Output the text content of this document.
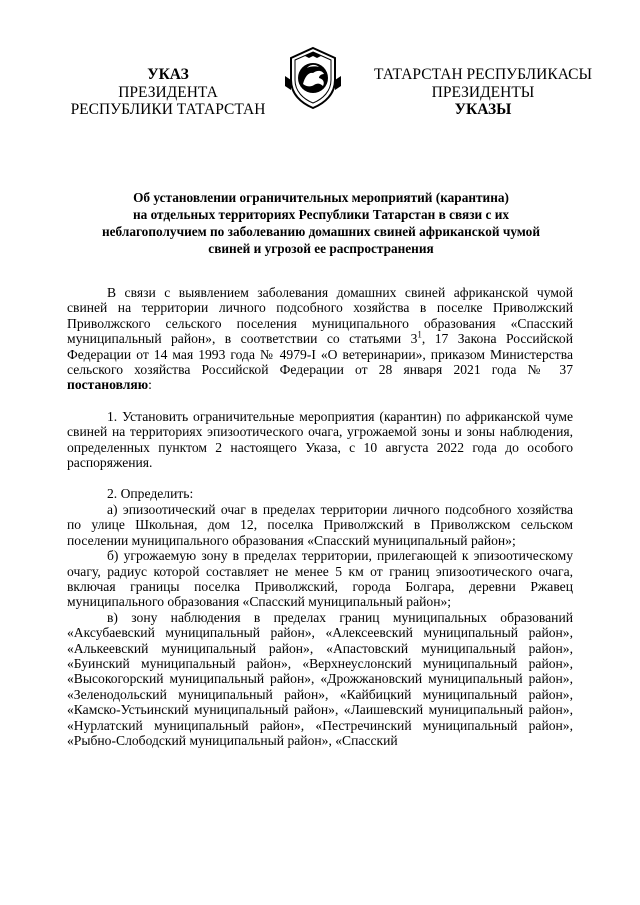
УКАЗ
ПРЕЗИДЕНТА
РЕСПУБЛИКИ ТАТАРСТАН
ТАТАРСТАН РЕСПУБЛИКАСЫ
ПРЕЗИДЕНТЫ
УКАЗЫ
Об установлении ограничительных мероприятий (карантина)
на отдельных территориях Республики Татарстан в связи с их
неблагополучием по заболеванию домашних свиней африканской чумой
свиней и угрозой ее распространения

В связи с выявлением заболевания домашних свиней африканской чумой свиней на территории личного подсобного хозяйства в поселке Приволжский Приволжского сельского поселения муниципального образования «Спасский муниципальный район», в соответствии со статьями $3^1$, 17 Закона Российской Федерации от 14 мая 1993 года № 4979-I «О ветеринарии», приказом Министерства сельского хозяйства Российской Федерации от 28 января 2021 года № 37 постановляю:

1. Установить ограничительные мероприятия (карантин) по африканской чуме свиней на территориях эпизоотического очага, угрожаемой зоны и зоны наблюдения, определенных пунктом 2 настоящего Указа, с 10 августа 2022 года до особого распоряжения.

2. Определить:

а) эпизоотический очаг в пределах территории личного подсобного хозяйства по улице Школьная, дом 12, поселка Приволжский в Приволжском сельском поселении муниципального образования «Спасский муниципальный район»;

б) угрожаемую зону в пределах территории, прилегающей к эпизоотическому очагу, радиус которой составляет не менее 5 км от границ эпизоотического очага, включая границы поселка Приволжский, города Болгара, деревни Ржавец муниципального образования «Спасский муниципальный район»;

в) зону наблюдения в пределах границ муниципальных образований «Аксубаевский муниципальный район», «Алексеевский муниципальный район», «Алькеевский муниципальный район», «Апастовский муниципальный район», «Буинский муниципальный район», «Верхнеуслонский муниципальный район», «Высокогорский муниципальный район», «Дрожжановский муниципальный район», «Зеленодольский муниципальный район», «Кайбицкий муниципальный район», «Камско-Устьинский муниципальный район», «Лаишевский муниципальный район», «Нурлатский муниципальный район», «Пестречинский муниципальный район», «Рыбно-Слободский муниципальный район», «Спасский
